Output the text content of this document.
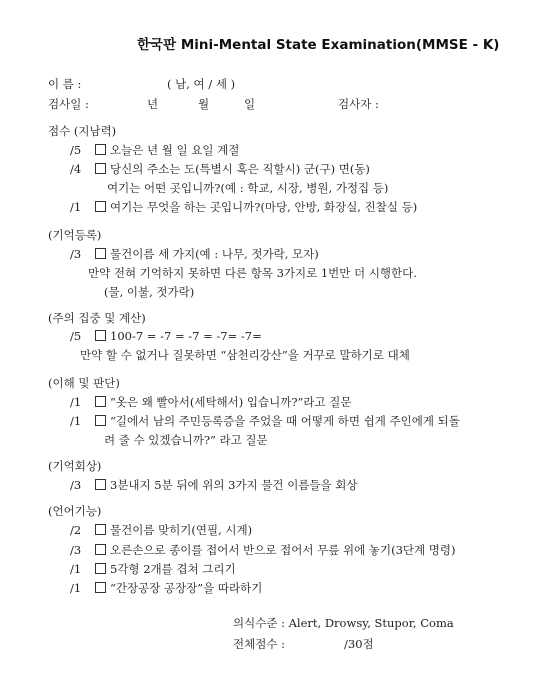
한국판 Mini-Mental State Examination(MMSE - K)
이 름 :	( 남, 여 / 세 )
검사일 :	년	월	일	검사자 :
점수 (지남력)
/5	오늘은 년 월 일 요일 계절
/4	당신의 주소는 도(특별시 혹은 직할시) 군(구) 면(동)
여기는 어떤 곳입니까?(예 : 학교, 시장, 병원, 가정집 등)
/1	여기는 무엇을 하는 곳입니까?(마당, 안방, 화장실, 진찰실 등)
(기억등록)
/3	물건이름 세 가지(예 : 나무, 젓가락, 모자)
만약 전혀 기억하지 못하면 다른 항목 3가지로 1번만 더 시행한다.
(물, 이불, 젓가락)
(주의 집중 및 계산)
/5	100-7 = -7 = -7 = -7= -7=
만약 할 수 없거나 질못하면 “삼천리강산”을 거꾸로 말하기로 대체
(이해 및 판단)
/1	“옷은 왜 빨아서(세탁해서) 입습니까?”라고 질문
/1	“길에서 남의 주민등록증을 주었을 때 어떻게 하면 쉽게 주인에게 되돌
려 줄 수 있겠습니까?” 라고 질문
(기억회상)
/3	3분내지 5분 뒤에 위의 3가지 물건 이름들을 회상
(언어기능)
/2	물건이름 맞히기(연필, 시계)
/3	오른손으로 종이를 접어서 반으로 접어서 무릎 위에 놓기(3단계 명령)
/1	5각형 2개를 겹쳐 그리기
/1	“간장공장 공장장”을 따라하기
의식수준 : Alert, Drowsy, Stupor, Coma
전체점수 :	/30점
